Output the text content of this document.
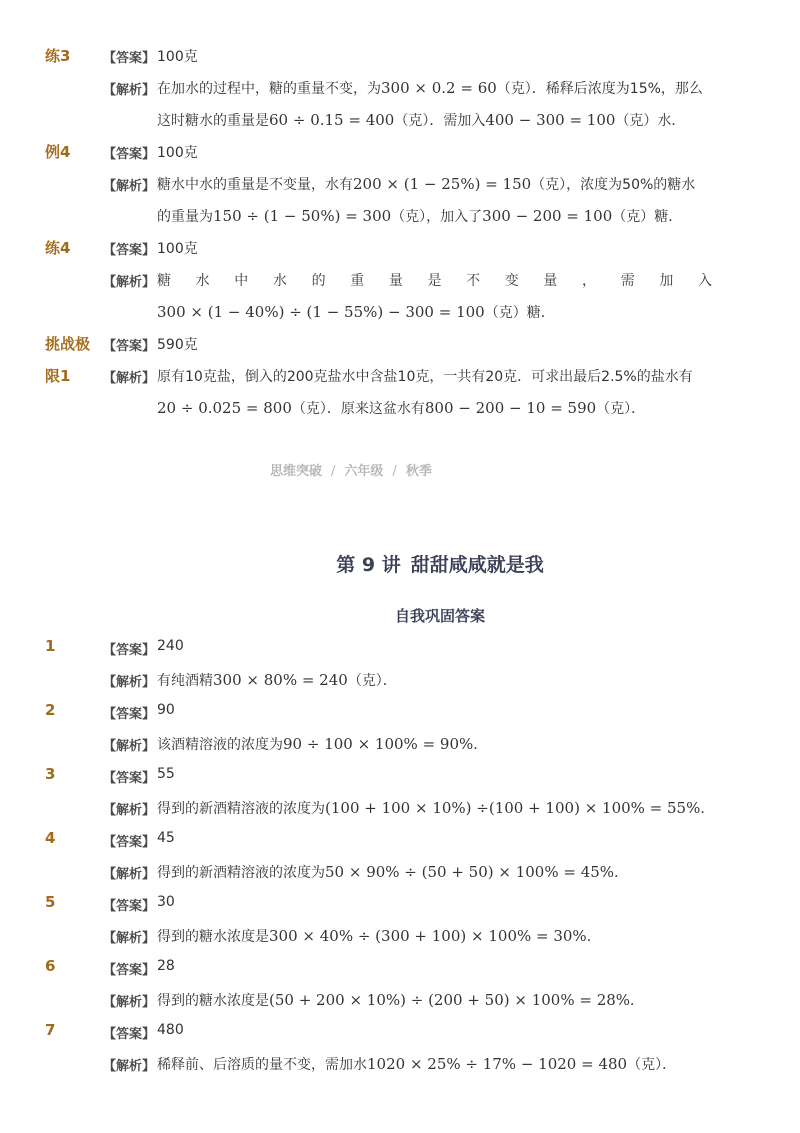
练3	【答案】 100克
【解析】 在加水的过程中，糖的重量不变，为300 × 0.2 = 60（克）．稀释后浓度为15%，那么
这时糖水的重量是60 ÷ 0.15 = 400（克）．需加入400 − 300 = 100（克）水．
例4	【答案】 100克
【解析】 糖水中水的重量是不变量，水有200 × (1 − 25%) = 150（克），浓度为50%的糖水
的重量为150 ÷ (1 − 50%) = 300（克），加入了300 − 200 = 100（克）糖．
练4	【答案】 100克
【解析】 糖 水 中 水 的 重 量 是 不 变 量 ， 需 加 入
300 × (1 − 40%) ÷ (1 − 55%) − 300 = 100（克）糖．
挑战极 【答案】 590克
限1	【解析】 原有10克盐，倒入的200克盐水中含盐10克，一共有20克．可求出最后2.5%的盐水有
20 ÷ 0.025 = 800（克）．原来这盆水有800 − 200 − 10 = 590（克）．
思维突破 / 六年级 / 秋季
第 9 讲 甜甜咸咸就是我
自我巩固答案
1	【答案】 240
【解析】 有纯酒精300 × 80% = 240（克）．
2	【答案】 90
【解析】 该酒精溶液的浓度为90 ÷ 100 × 100% = 90%．
3	【答案】 55
【解析】 得到的新酒精溶液的浓度为(100 + 100 × 10%) ÷(100 + 100) × 100% = 55%．
4	【答案】 45
【解析】 得到的新酒精溶液的浓度为50 × 90% ÷ (50 + 50) × 100% = 45%．
5	【答案】 30
【解析】 得到的糖水浓度是300 × 40% ÷ (300 + 100) × 100% = 30%．
6	【答案】 28
【解析】 得到的糖水浓度是(50 + 200 × 10%) ÷ (200 + 50) × 100% = 28%．
7	【答案】 480
【解析】 稀释前、后溶质的量不变，需加水1020 × 25% ÷ 17% − 1020 = 480（克）．
